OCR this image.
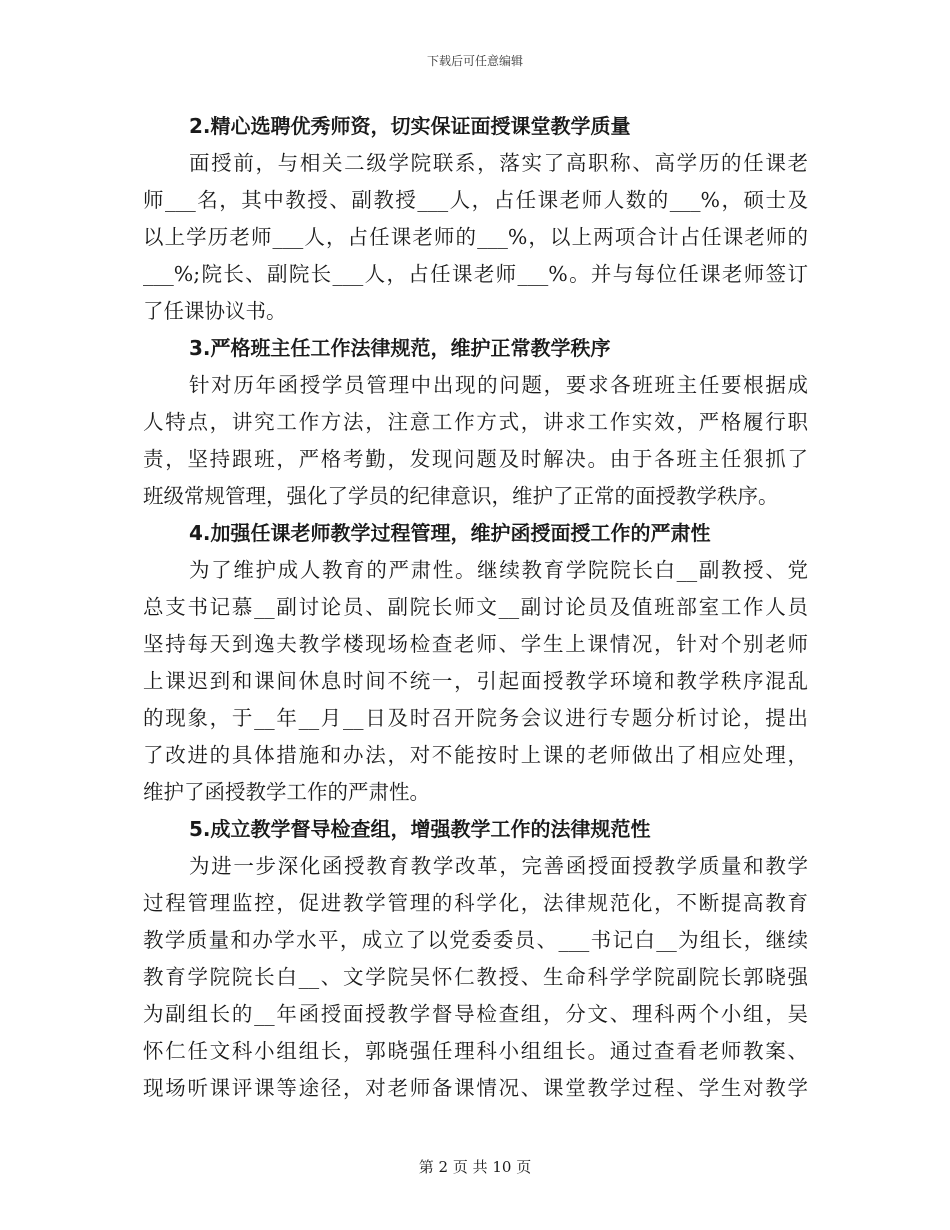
下载后可任意编辑

2.精心选聘优秀师资，切实保证面授课堂教学质量

面授前，与相关二级学院联系，落实了高职称、高学历的任课老
师___名，其中教授、副教授___人，占任课老师人数的___%，硕士及
以上学历老师___人，占任课老师的___%，以上两项合计占任课老师的
___%;院长、副院长___人，占任课老师___%。并与每位任课老师签订
了任课协议书。

3.严格班主任工作法律规范，维护正常教学秩序

针对历年函授学员管理中出现的问题，要求各班班主任要根据成
人特点，讲究工作方法，注意工作方式，讲求工作实效，严格履行职
责，坚持跟班，严格考勤，发现问题及时解决。由于各班主任狠抓了
班级常规管理，强化了学员的纪律意识，维护了正常的面授教学秩序。

4.加强任课老师教学过程管理，维护函授面授工作的严肃性

为了维护成人教育的严肃性。继续教育学院院长白__副教授、党
总支书记慕__副讨论员、副院长师文__副讨论员及值班部室工作人员
坚持每天到逸夫教学楼现场检查老师、学生上课情况，针对个别老师
上课迟到和课间休息时间不统一，引起面授教学环境和教学秩序混乱
的现象，于__年__月__日及时召开院务会议进行专题分析讨论，提出
了改进的具体措施和办法，对不能按时上课的老师做出了相应处理，
维护了函授教学工作的严肃性。

5.成立教学督导检查组，增强教学工作的法律规范性

为进一步深化函授教育教学改革，完善函授面授教学质量和教学
过程管理监控，促进教学管理的科学化，法律规范化，不断提高教育
教学质量和办学水平，成立了以党委委员、___书记白__为组长，继续
教育学院院长白__、文学院吴怀仁教授、生命科学学院副院长郭晓强
为副组长的__年函授面授教学督导检查组，分文、理科两个小组，吴
怀仁任文科小组组长，郭晓强任理科小组组长。通过查看老师教案、
现场听课评课等途径，对老师备课情况、课堂教学过程、学生对教学
第 2 页 共 10 页
